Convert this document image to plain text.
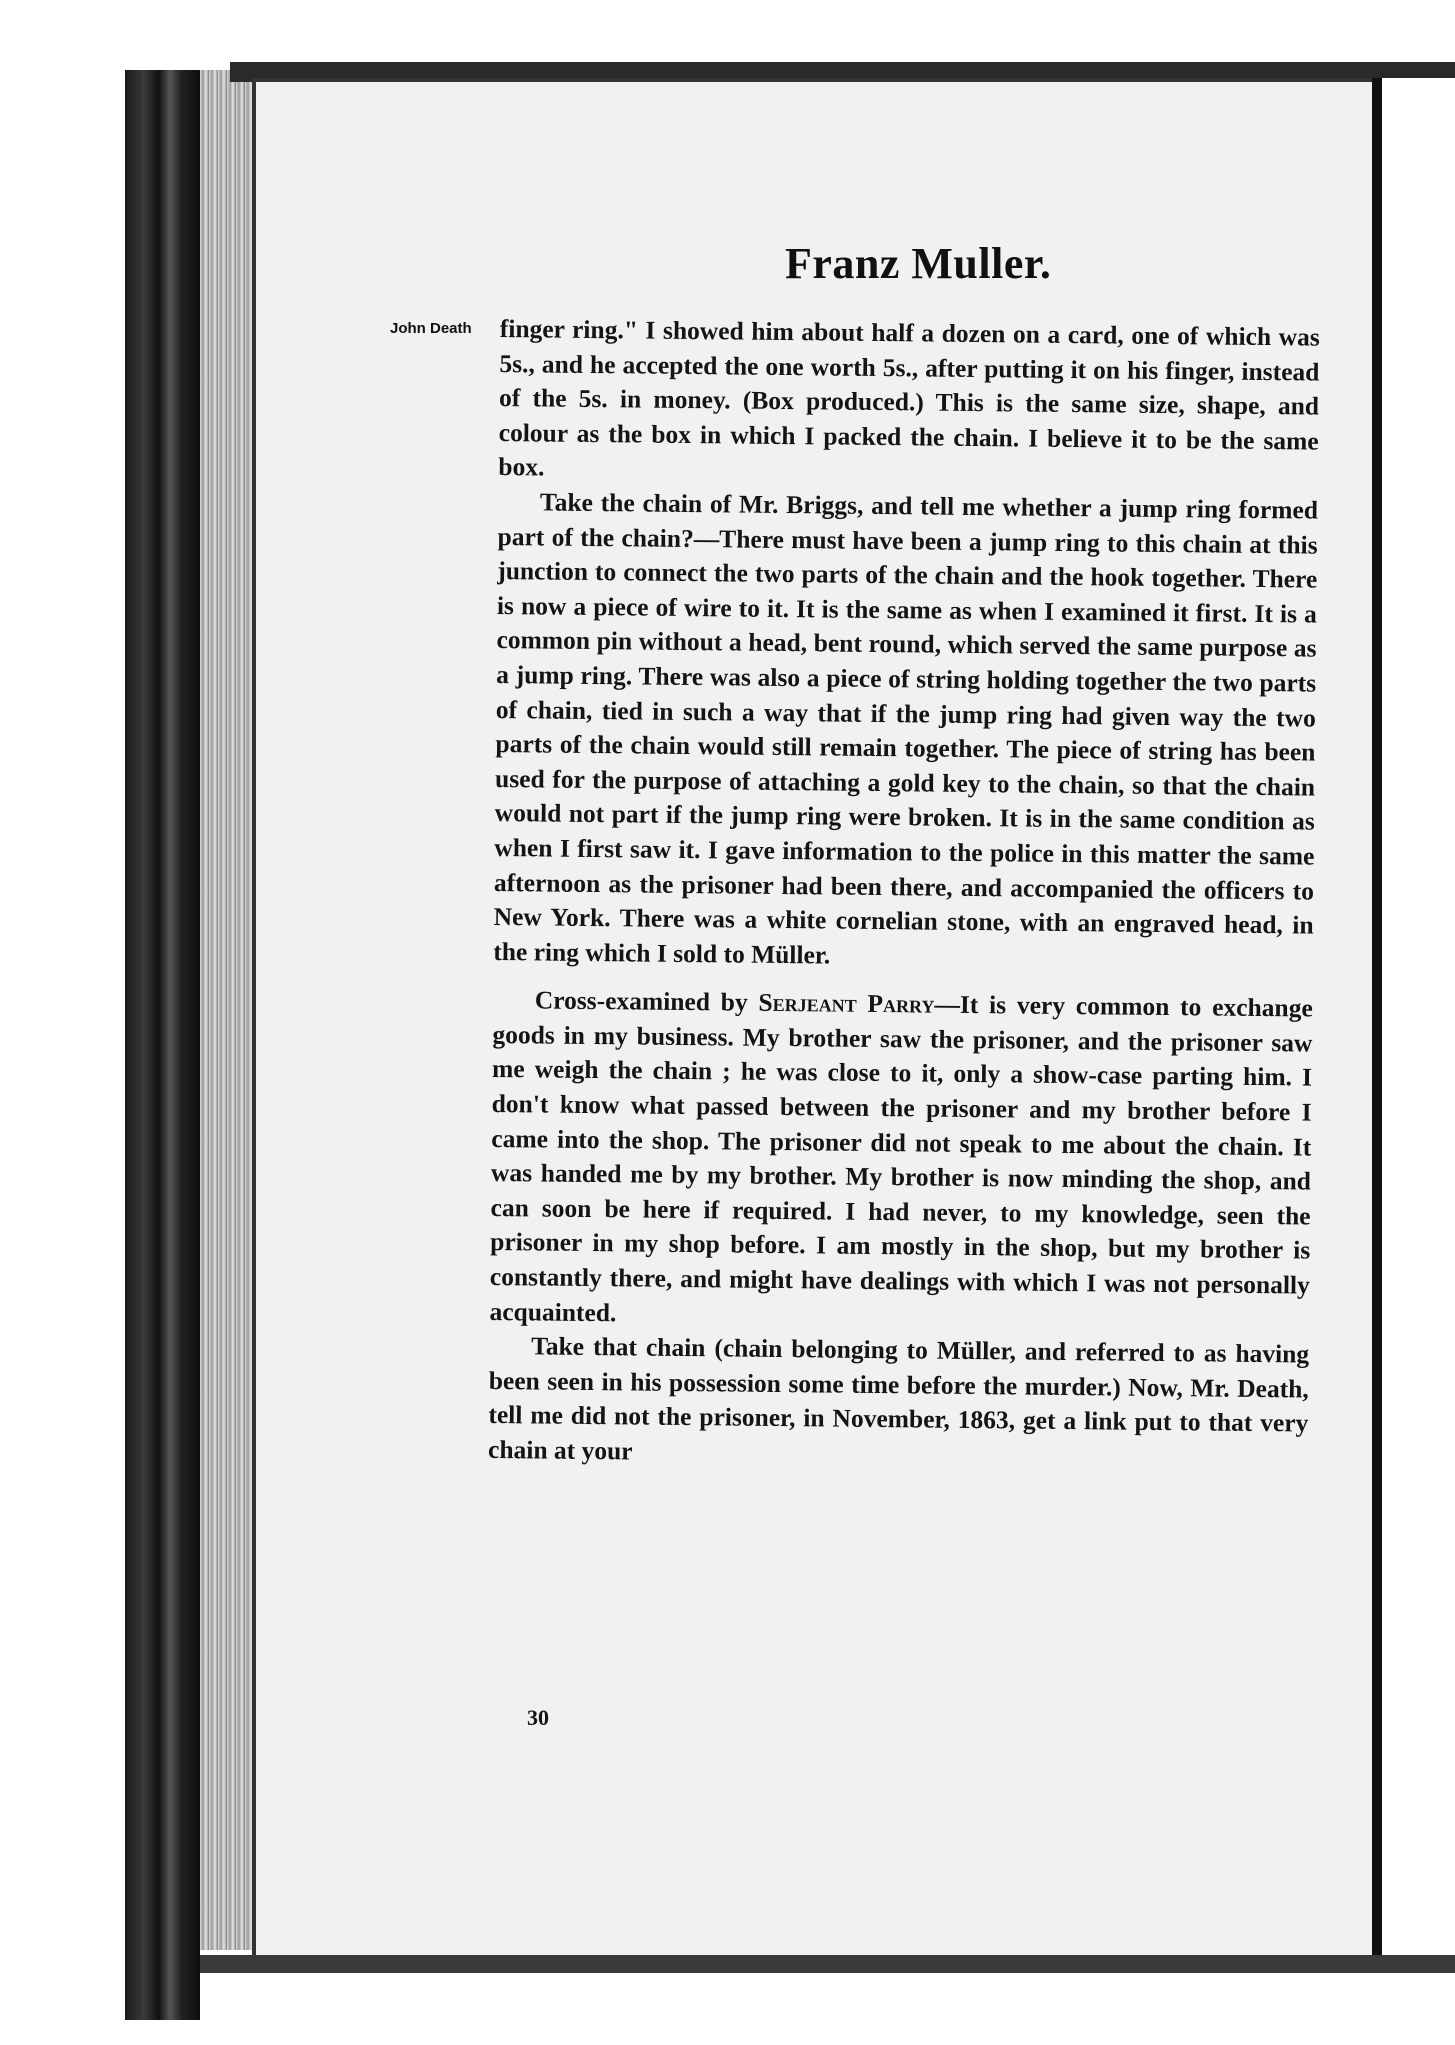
Franz Muller.
John Death finger ring." I showed him about half a dozen on a card, one of which was 5s., and he accepted the one worth 5s., after putting it on his finger, instead of the 5s. in money. (Box produced.) This is the same size, shape, and colour as the box in which I packed the chain. I believe it to be the same box.

Take the chain of Mr. Briggs, and tell me whether a jump ring formed part of the chain?—There must have been a jump ring to this chain at this junction to connect the two parts of the chain and the hook together. There is now a piece of wire to it. It is the same as when I examined it first. It is a common pin without a head, bent round, which served the same purpose as a jump ring. There was also a piece of string holding together the two parts of chain, tied in such a way that if the jump ring had given way the two parts of the chain would still remain together. The piece of string has been used for the purpose of attaching a gold key to the chain, so that the chain would not part if the jump ring were broken. It is in the same condition as when I first saw it. I gave information to the police in this matter the same afternoon as the prisoner had been there, and accompanied the officers to New York. There was a white cornelian stone, with an engraved head, in the ring which I sold to Müller.

Cross-examined by Serjeant Parry—It is very common to exchange goods in my business. My brother saw the prisoner, and the prisoner saw me weigh the chain ; he was close to it, only a show-case parting him. I don't know what passed between the prisoner and my brother before I came into the shop. The prisoner did not speak to me about the chain. It was handed me by my brother. My brother is now minding the shop, and can soon be here if required. I had never, to my knowledge, seen the prisoner in my shop before. I am mostly in the shop, but my brother is constantly there, and might have dealings with which I was not personally acquainted.

Take that chain (chain belonging to Müller, and referred to as having been seen in his possession some time before the murder.) Now, Mr. Death, tell me did not the prisoner, in November, 1863, get a link put to that very chain at your

30
